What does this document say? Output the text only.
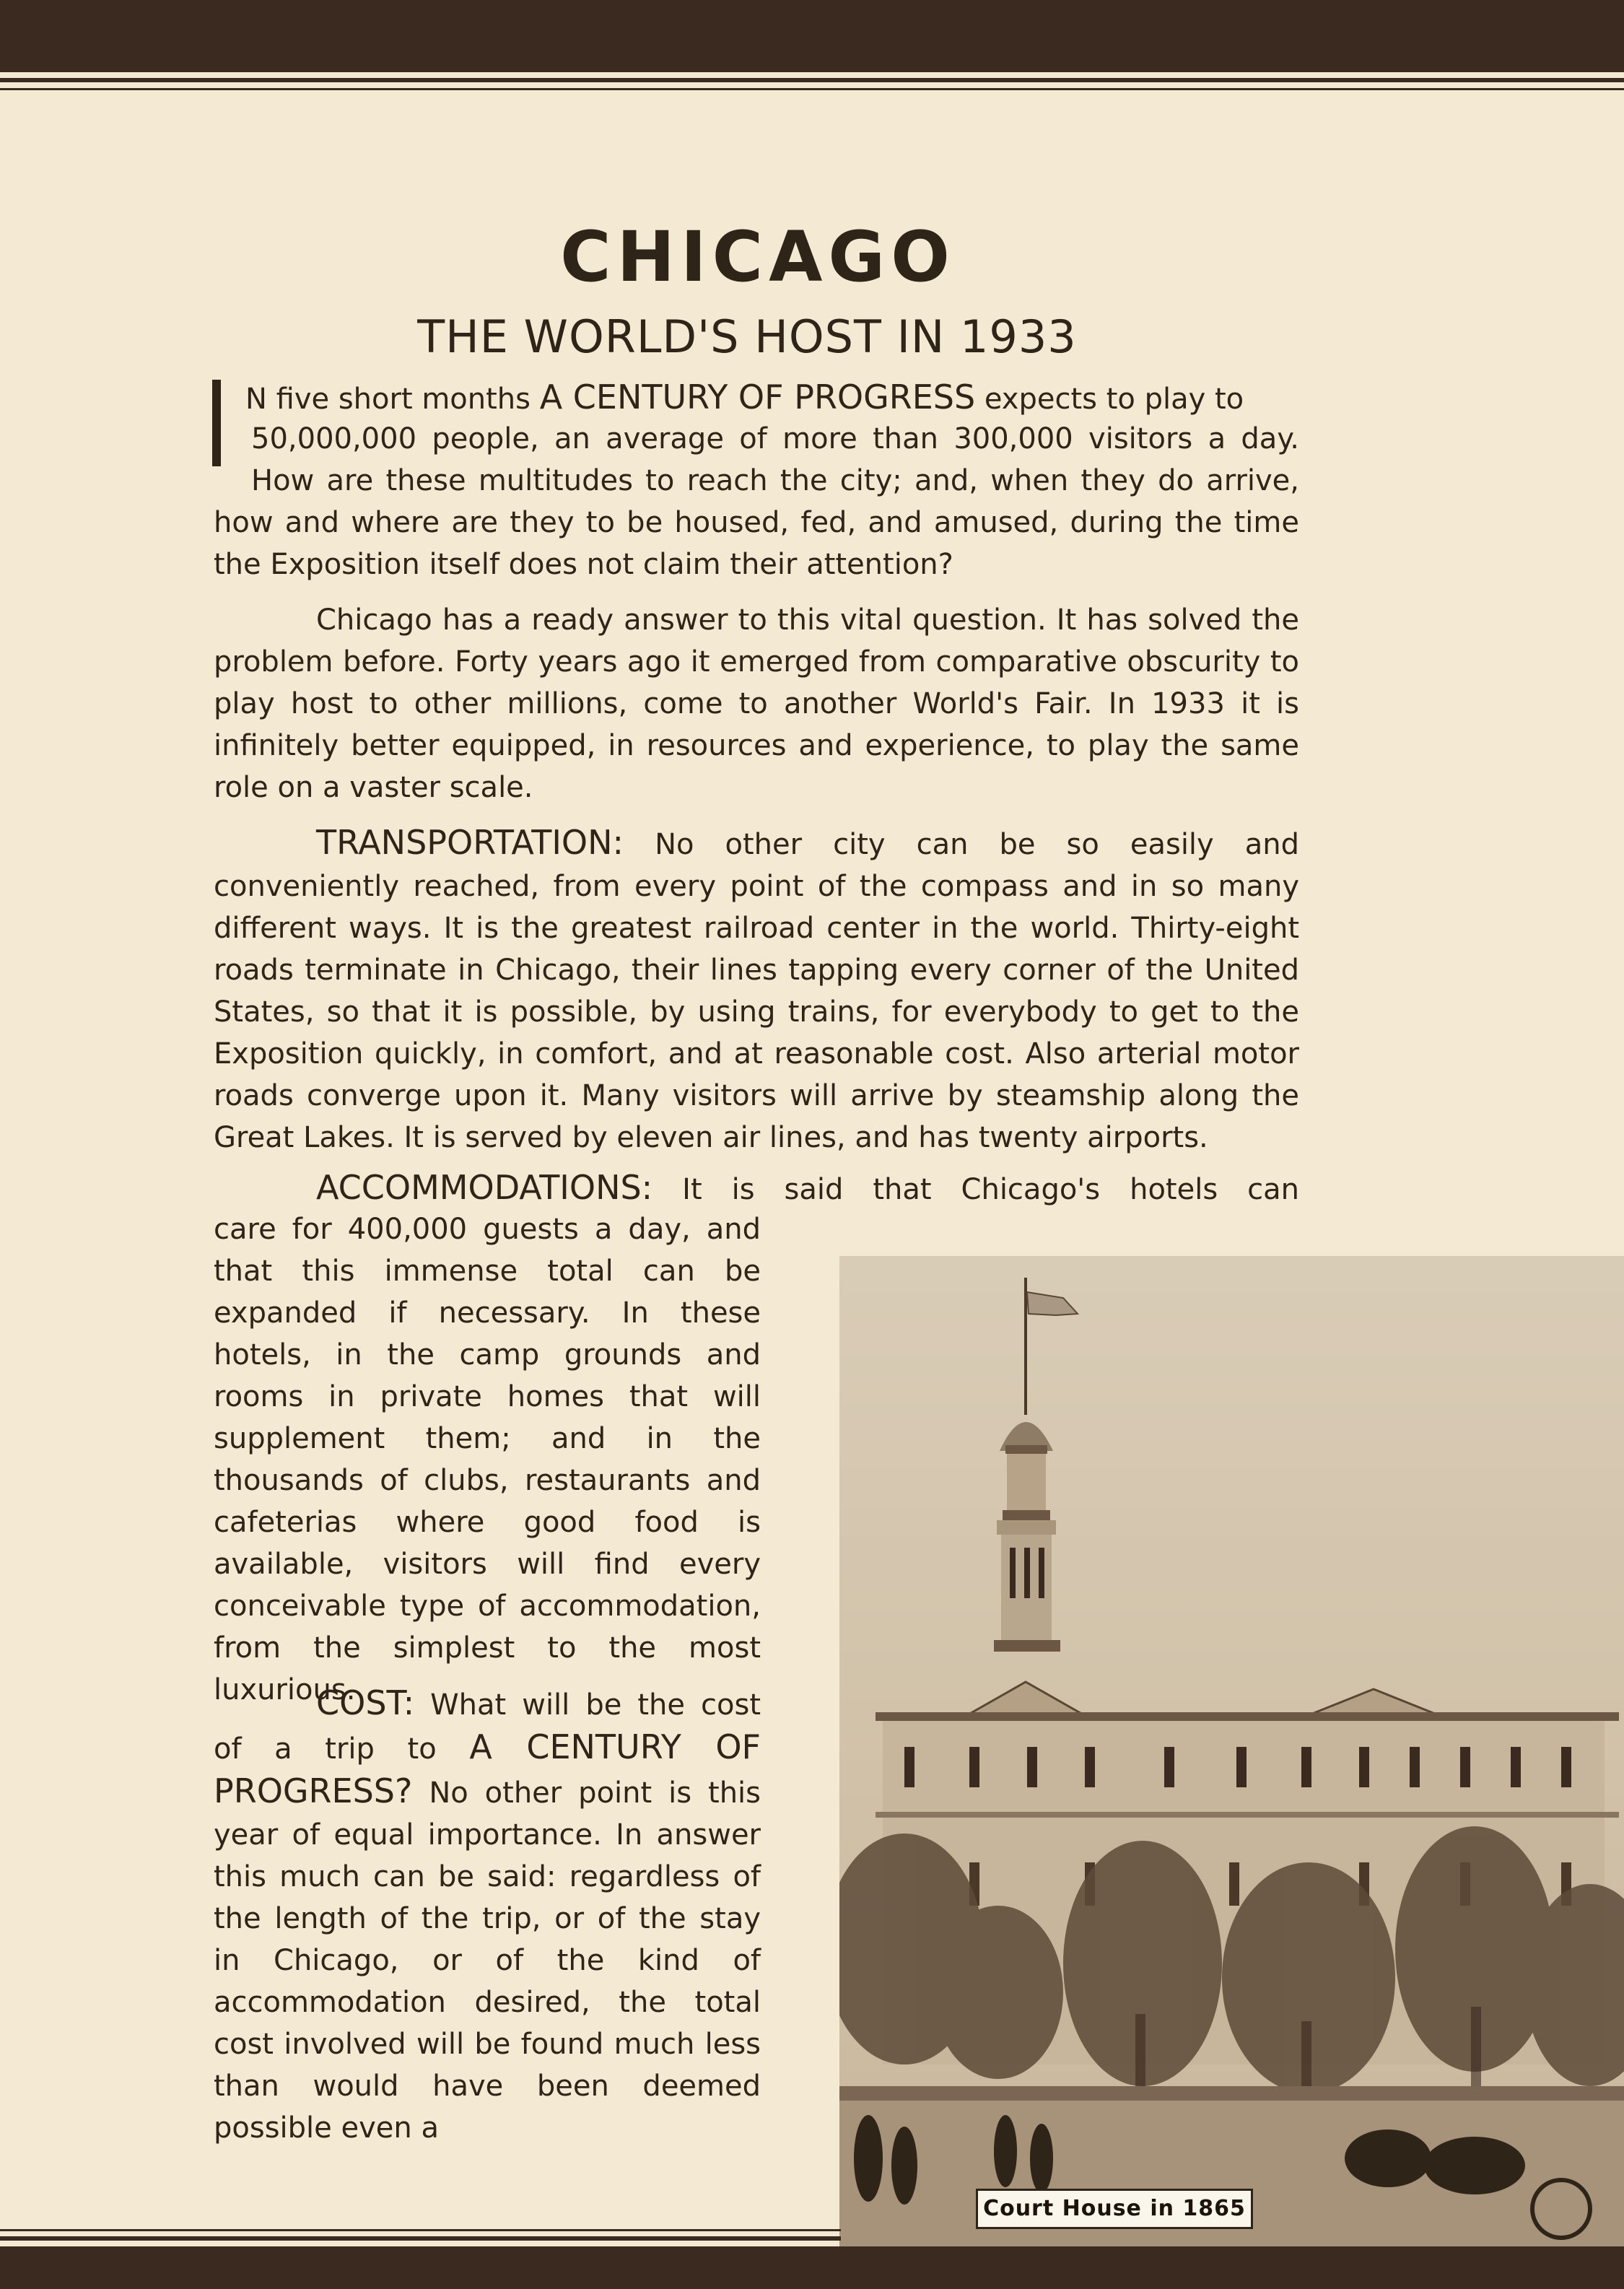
CHICAGO
THE WORLD'S HOST IN 1933

N five short months A CENTURY OF PROGRESS expects to play to

50,000,000 people, an average of more than 300,000 visitors a day.

How are these multitudes to reach the city; and, when they do arrive,

how and where are they to be housed, fed, and amused, during the time the Exposition itself does not claim their attention?

Chicago has a ready answer to this vital question. It has solved the problem before. Forty years ago it emerged from comparative obscurity to play host to other millions, come to another World's Fair. In 1933 it is infinitely better equipped, in resources and experience, to play the same role on a vaster scale.

TRANSPORTATION: No other city can be so easily and conveniently reached, from every point of the compass and in so many different ways. It is the greatest railroad center in the world. Thirty-eight roads terminate in Chicago, their lines tapping every corner of the United States, so that it is possible, by using trains, for everybody to get to the Exposition quickly, in comfort, and at reasonable cost. Also arterial motor roads converge upon it. Many visitors will arrive by steamship along the Great Lakes. It is served by eleven air lines, and has twenty airports.

ACCOMMODATIONS: It is said that Chicago's hotels can

care for 400,000 guests a day, and that this immense total can be expanded if necessary. In these hotels, in the camp grounds and rooms in private homes that will supplement them; and in the thousands of clubs, restaurants and cafeterias where good food is available, visitors will find every conceivable type of accommodation, from the simplest to the most luxurious.

COST: What will be the cost of a trip to A CENTURY OF PROGRESS? No other point is this year of equal importance. In answer this much can be said: regardless of the length of the trip, or of the stay in Chicago, or of the kind of accommodation desired, the total cost involved will be found much less than would have been deemed possible even a

Court House in 1865
